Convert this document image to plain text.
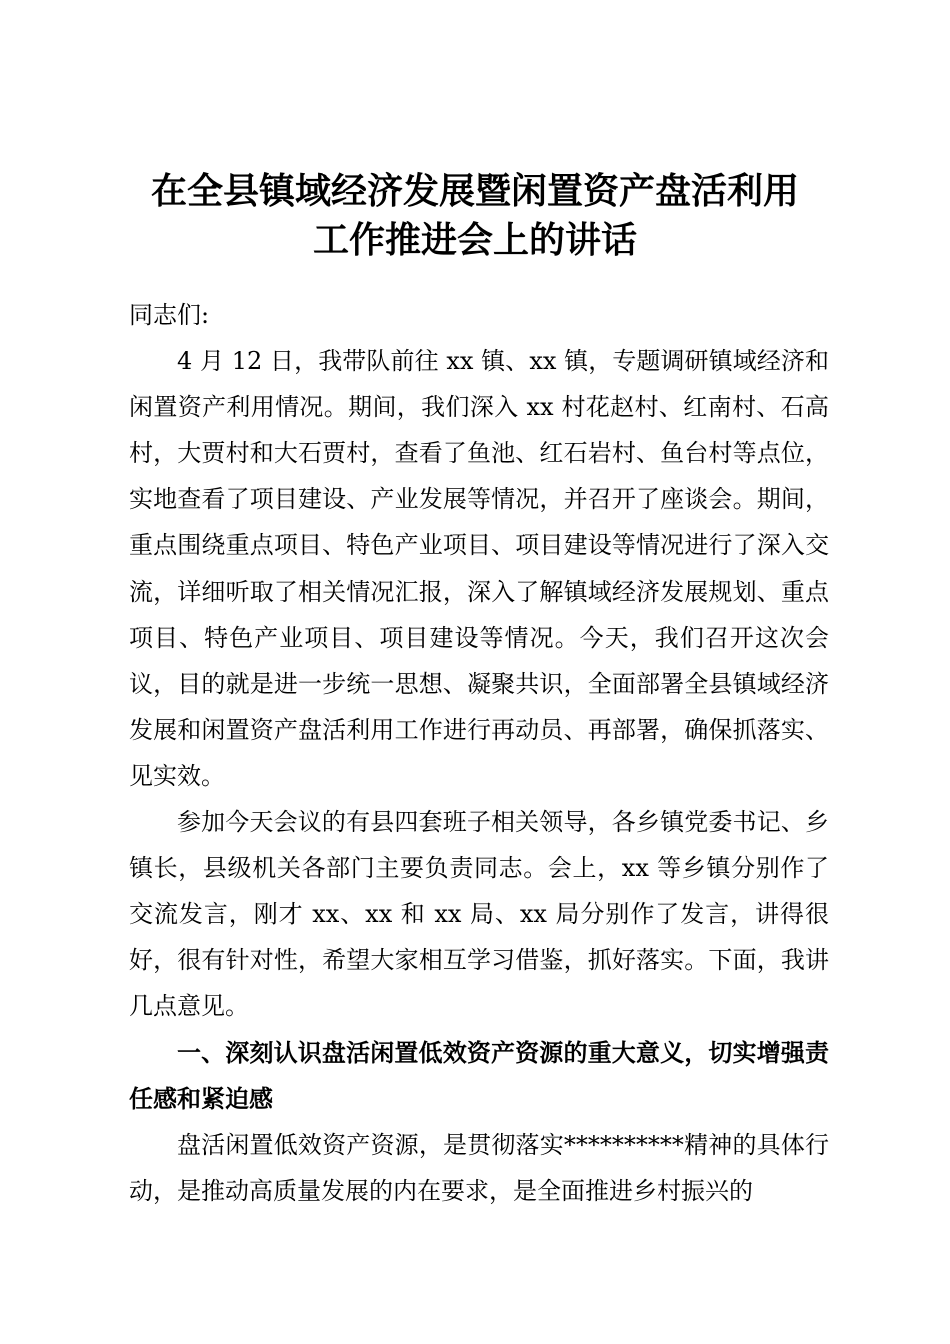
在全县镇域经济发展暨闲置资产盘活利用
工作推进会上的讲话

同志们:

4 月 12 日，我带队前往 xx 镇、xx 镇，专题调研镇域经济和闲置资产利用情况。期间，我们深入 xx 村花赵村、红南村、石高村，大贾村和大石贾村，查看了鱼池、红石岩村、鱼台村等点位，实地查看了项目建设、产业发展等情况，并召开了座谈会。期间，重点围绕重点项目、特色产业项目、项目建设等情况进行了深入交流，详细听取了相关情况汇报，深入了解镇域经济发展规划、重点项目、特色产业项目、项目建设等情况。今天，我们召开这次会议，目的就是进一步统一思想、凝聚共识，全面部署全县镇域经济发展和闲置资产盘活利用工作进行再动员、再部署，确保抓落实、见实效。

参加今天会议的有县四套班子相关领导，各乡镇党委书记、乡镇长，县级机关各部门主要负责同志。会上，xx 等乡镇分别作了交流发言，刚才 xx、xx 和 xx 局、xx 局分别作了发言，讲得很好，很有针对性，希望大家相互学习借鉴，抓好落实。下面，我讲几点意见。

一、深刻认识盘活闲置低效资产资源的重大意义，切实增强责任感和紧迫感

盘活闲置低效资产资源，是贯彻落实**********精神的具体行动，是推动高质量发展的内在要求，是全面推进乡村振兴的
